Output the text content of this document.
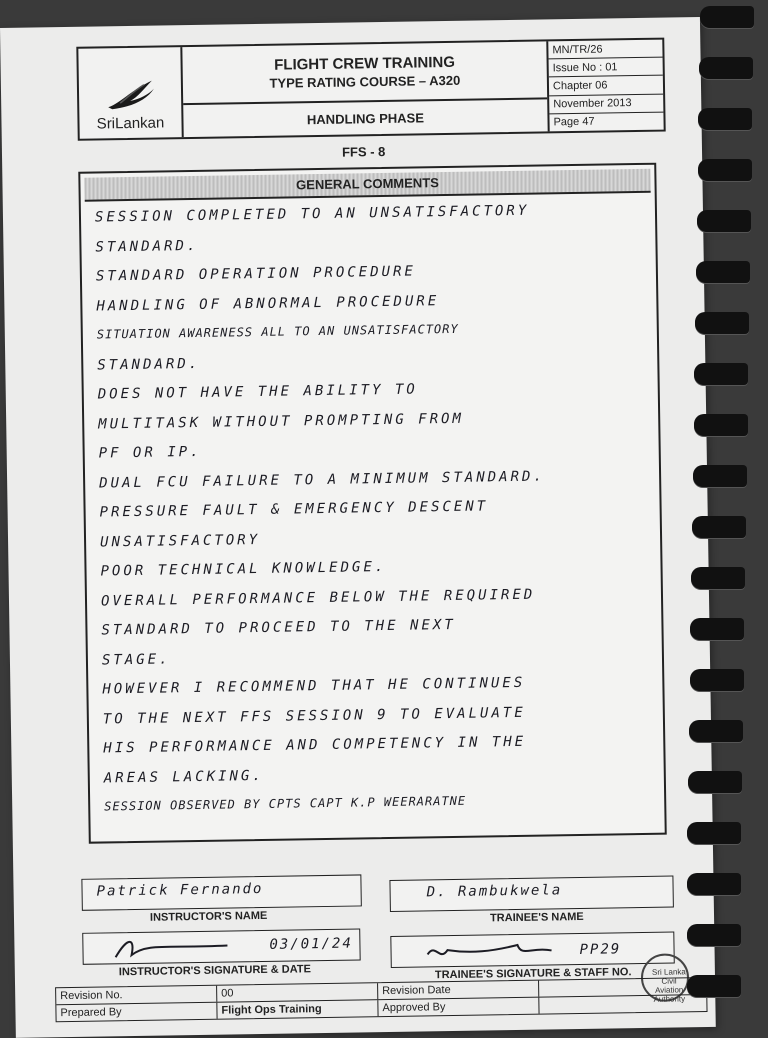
SriLankan
FLIGHT CREW TRAINING
TYPE RATING COURSE – A320
HANDLING PHASE
MN/TR/26
Issue No : 01
Chapter 06
November 2013
Page 47
FFS - 8
GENERAL COMMENTS
SESSION COMPLETED TO AN UNSATISFACTORY
STANDARD.
STANDARD OPERATION PROCEDURE
HANDLING OF ABNORMAL PROCEDURE
SITUATION AWARENESS ALL TO AN UNSATISFACTORY
STANDARD.
DOES NOT HAVE THE ABILITY TO
MULTITASK WITHOUT PROMPTING FROM
PF OR IP.
DUAL FCU FAILURE TO A MINIMUM STANDARD.
PRESSURE FAULT & EMERGENCY DESCENT
UNSATISFACTORY
POOR TECHNICAL KNOWLEDGE.
OVERALL PERFORMANCE BELOW THE REQUIRED
STANDARD TO PROCEED TO THE NEXT
STAGE.
HOWEVER I RECOMMEND THAT HE CONTINUES
TO THE NEXT FFS SESSION 9 TO EVALUATE
HIS PERFORMANCE AND COMPETENCY IN THE
AREAS LACKING.
SESSION OBSERVED BY CPTS CAPT K.P WEERARATNE
Patrick Fernando
INSTRUCTOR'S NAME
D. Rambukwela
TRAINEE'S NAME
03/01/24
INSTRUCTOR'S SIGNATURE & DATE
PP29
TRAINEE'S SIGNATURE & STAFF NO.	Sri Lanka Civil Aviation Authority
Revision No.	00	Revision Date
Prepared By	Flight Ops Training	Approved By
